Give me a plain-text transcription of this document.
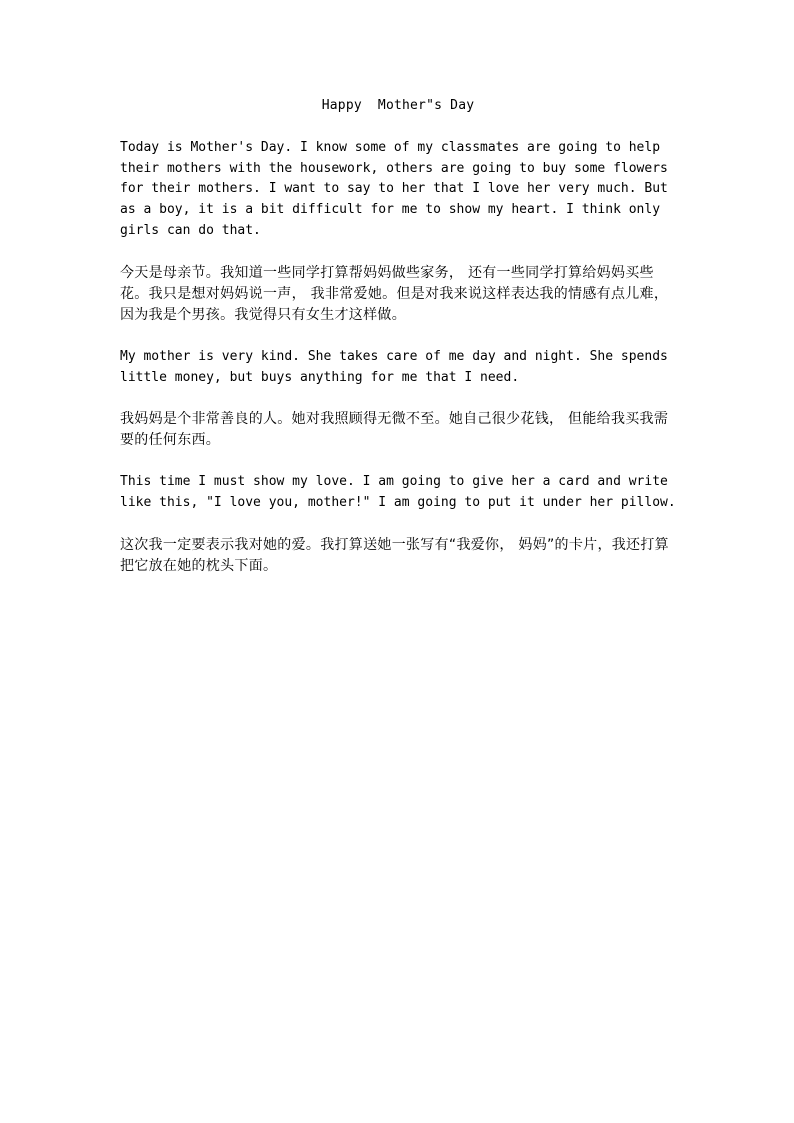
Happy  Mother"s Day

Today is Mother's Day. I know some of my classmates are going to help their mothers with the housework, others are going to buy some flowers for their mothers. I want to say to her that I love her very much. But as a boy, it is a bit difficult for me to show my heart. I think only girls can do that.

今天是母亲节。我知道一些同学打算帮妈妈做些家务， 还有一些同学打算给妈妈买些花。我只是想对妈妈说一声， 我非常爱她。但是对我来说这样表达我的情感有点儿难， 因为我是个男孩。我觉得只有女生才这样做。

My mother is very kind. She takes care of me day and night. She spends little money, but buys anything for me that I need.

我妈妈是个非常善良的人。她对我照顾得无微不至。她自己很少花钱， 但能给我买我需要的任何东西。

This time I must show my love. I am going to give her a card and write like this, "I love you, mother!" I am going to put it under her pillow.

这次我一定要表示我对她的爱。我打算送她一张写有“我爱你， 妈妈”的卡片，我还打算把它放在她的枕头下面。
